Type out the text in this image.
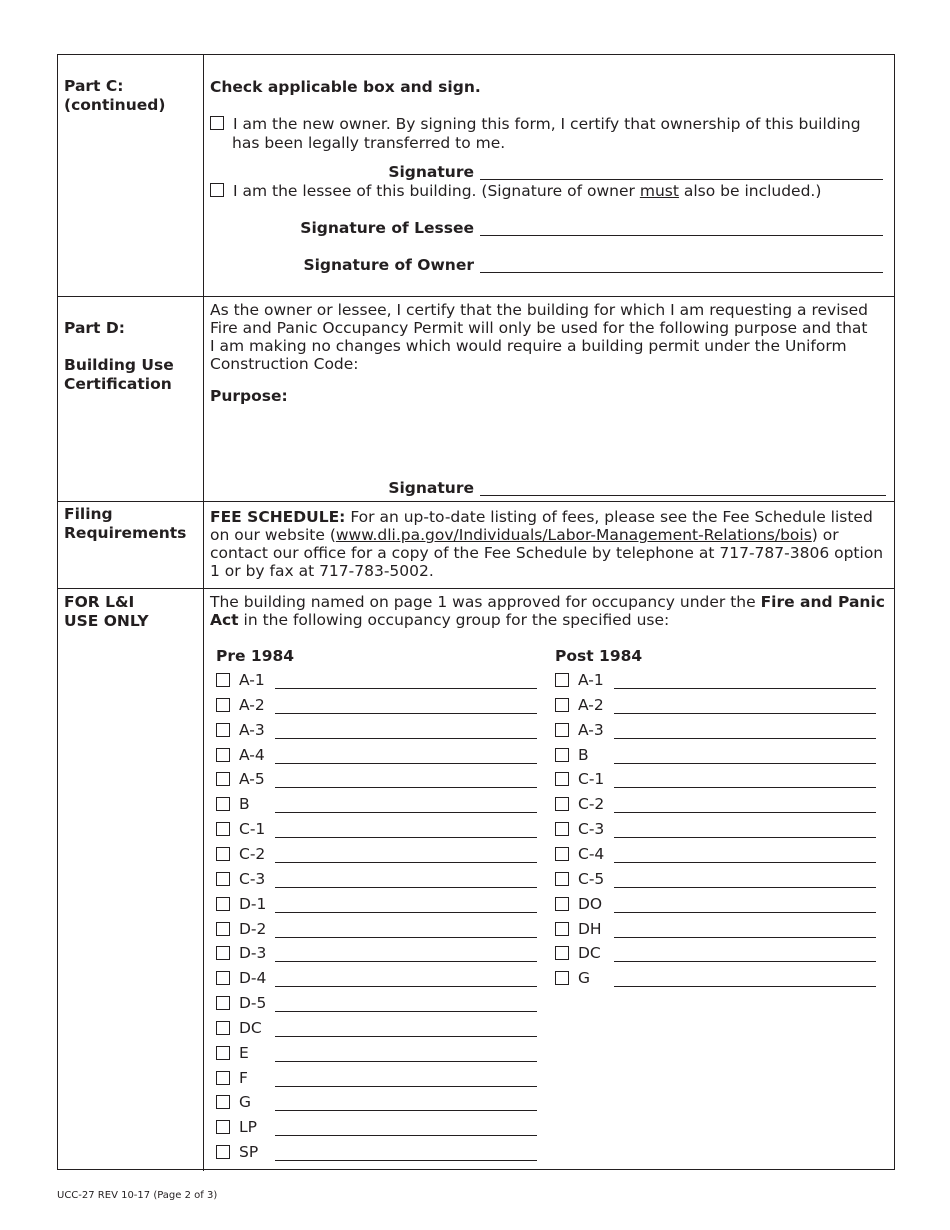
Part C:
(continued)
Check applicable box and sign.
I am the new owner. By signing this form, I certify that ownership of this building
has been legally transferred to me.
Signature
I am the lessee of this building. (Signature of owner must also be included.)
Signature of Lessee
Signature of Owner
Part D:
Building Use
Certification
As the owner or lessee, I certify that the building for which I am requesting a revised
Fire and Panic Occupancy Permit will only be used for the following purpose and that
I am making no changes which would require a building permit under the Uniform
Construction Code:
Purpose:
Signature
Filing
Requirements
FEE SCHEDULE: For an up-to-date listing of fees, please see the Fee Schedule listed
on our website (www.dli.pa.gov/Individuals/Labor-Management-Relations/bois) or
contact our office for a copy of the Fee Schedule by telephone at 717-787-3806 option
1 or by fax at 717-783-5002.
FOR L&I
USE ONLY
The building named on page 1 was approved for occupancy under the Fire and Panic
Act in the following occupancy group for the specified use:
Pre 1984	Post 1984
A-1
A-2
A-3
A-4
A-5
B
C-1
C-2
C-3
D-1
D-2
D-3
D-4
D-5
DC
E
F
G
LP
SP
A-1
A-2
A-3
B
C-1
C-2
C-3
C-4
C-5
DO
DH
DC
G
UCC-27 REV 10-17 (Page 2 of 3)
